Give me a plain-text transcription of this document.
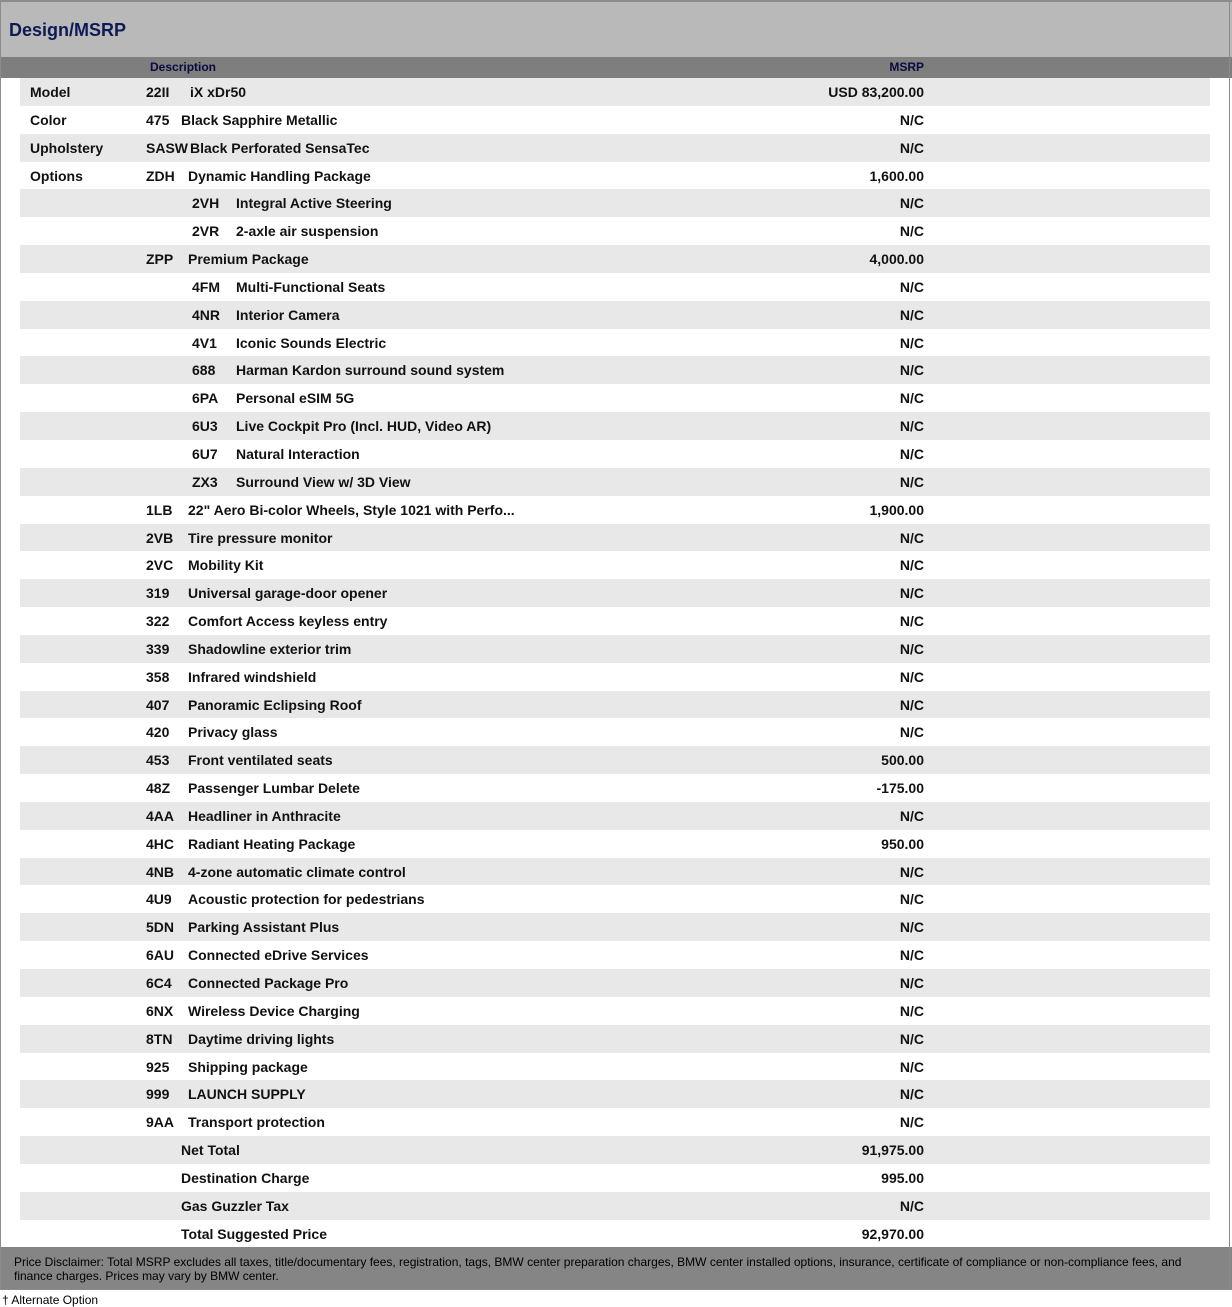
Design/MSRP
Description	MSRP
Model	22II iX xDr50	USD 83,200.00
Color	475 Black Sapphire Metallic	N/C
Upholstery	SASW Black Perforated SensaTec	N/C
Options	ZDH Dynamic Handling Package	1,600.00
2VH Integral Active Steering	N/C
2VR 2-axle air suspension	N/C
ZPP Premium Package	4,000.00
4FM Multi-Functional Seats	N/C
4NR Interior Camera	N/C
4V1 Iconic Sounds Electric	N/C
688 Harman Kardon surround sound system	N/C
6PA Personal eSIM 5G	N/C
6U3 Live Cockpit Pro (Incl. HUD, Video AR)	N/C
6U7 Natural Interaction	N/C
ZX3 Surround View w/ 3D View	N/C
1LB 22" Aero Bi-color Wheels, Style 1021 with Perfo...	1,900.00
2VB Tire pressure monitor	N/C
2VC Mobility Kit	N/C
319 Universal garage-door opener	N/C
322 Comfort Access keyless entry	N/C
339 Shadowline exterior trim	N/C
358 Infrared windshield	N/C
407 Panoramic Eclipsing Roof	N/C
420 Privacy glass	N/C
453 Front ventilated seats	500.00
48Z Passenger Lumbar Delete	-175.00
4AA Headliner in Anthracite	N/C
4HC Radiant Heating Package	950.00
4NB 4-zone automatic climate control	N/C
4U9 Acoustic protection for pedestrians	N/C
5DN Parking Assistant Plus	N/C
6AU Connected eDrive Services	N/C
6C4 Connected Package Pro	N/C
6NX Wireless Device Charging	N/C
8TN Daytime driving lights	N/C
925 Shipping package	N/C
999 LAUNCH SUPPLY	N/C
9AA Transport protection	N/C
Net Total	91,975.00
Destination Charge	995.00
Gas Guzzler Tax	N/C
Total Suggested Price	92,970.00
Price Disclaimer: Total MSRP excludes all taxes, title/documentary fees, registration, tags, BMW center preparation charges, BMW center installed options, insurance, certificate of compliance or non-compliance fees, and finance charges. Prices may vary by BMW center.
† Alternate Option
